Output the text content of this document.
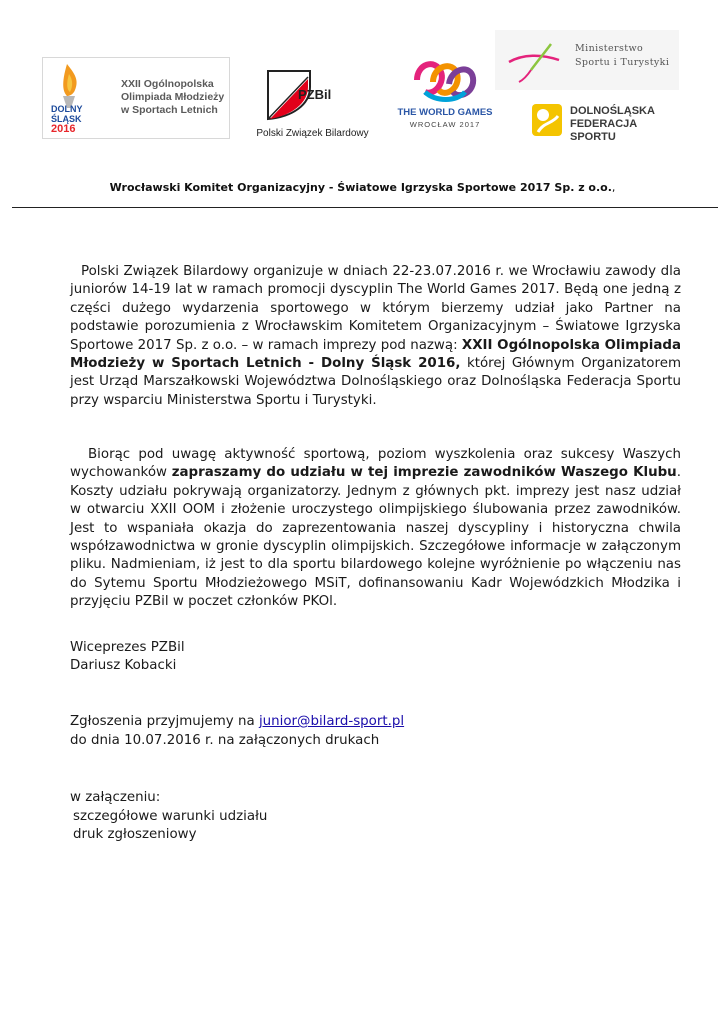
DOLNY
ŚLĄSK
2016
XXII Ogólnopolska
Olimpiada Młodzieży
w Sportach Letnich
PZBil
Polski Związek Bilardowy
THE WORLD GAMES
WROCŁAW 2017
Ministerstwo
Sportu i Turystyki
DOLNOŚLĄSKA
FEDERACJA SPORTU
Wrocławski Komitet Organizacyjny - Światowe Igrzyska Sportowe 2017 Sp. z o.o.,
Polski Związek Bilardowy organizuje w dniach 22-23.07.2016 r. we Wrocławiu zawody dla juniorów 14-19 lat w ramach promocji dyscyplin The World Games 2017. Będą one jedną z części dużego wydarzenia sportowego w którym bierzemy udział jako Partner na podstawie porozumienia z Wrocławskim Komitetem Organizacyjnym – Światowe Igrzyska Sportowe 2017 Sp. z o.o. – w ramach imprezy pod nazwą: XXII Ogólnopolska Olimpiada Młodzieży w Sportach Letnich - Dolny Śląsk 2016, której Głównym Organizatorem jest Urząd Marszałkowski Województwa Dolnośląskiego oraz Dolnośląska Federacja Sportu przy wsparciu Ministerstwa Sportu i Turystyki.
Biorąc pod uwagę aktywność sportową, poziom wyszkolenia oraz sukcesy Waszych wychowanków zapraszamy do udziału w tej imprezie zawodników Waszego Klubu. Koszty udziału pokrywają organizatorzy. Jednym z głównych pkt. imprezy jest nasz udział w otwarciu XXII OOM i złożenie uroczystego olimpijskiego ślubowania przez zawodników. Jest to wspaniała okazja do zaprezentowania naszej dyscypliny i historyczna chwila współzawodnictwa w gronie dyscyplin olimpijskich. Szczegółowe informacje w załączonym pliku. Nadmieniam, iż jest to dla sportu bilardowego kolejne wyróżnienie po włączeniu nas do Sytemu Sportu Młodzieżowego MSiT, dofinansowaniu Kadr Wojewódzkich Młodzika i przyjęciu PZBil w poczet członków PKOl.
Wiceprezes PZBil
Dariusz Kobacki
Zgłoszenia przyjmujemy na junior@bilard-sport.pl
do dnia 10.07.2016 r. na załączonych drukach
w załączeniu:
szczegółowe warunki udziału
druk zgłoszeniowy
